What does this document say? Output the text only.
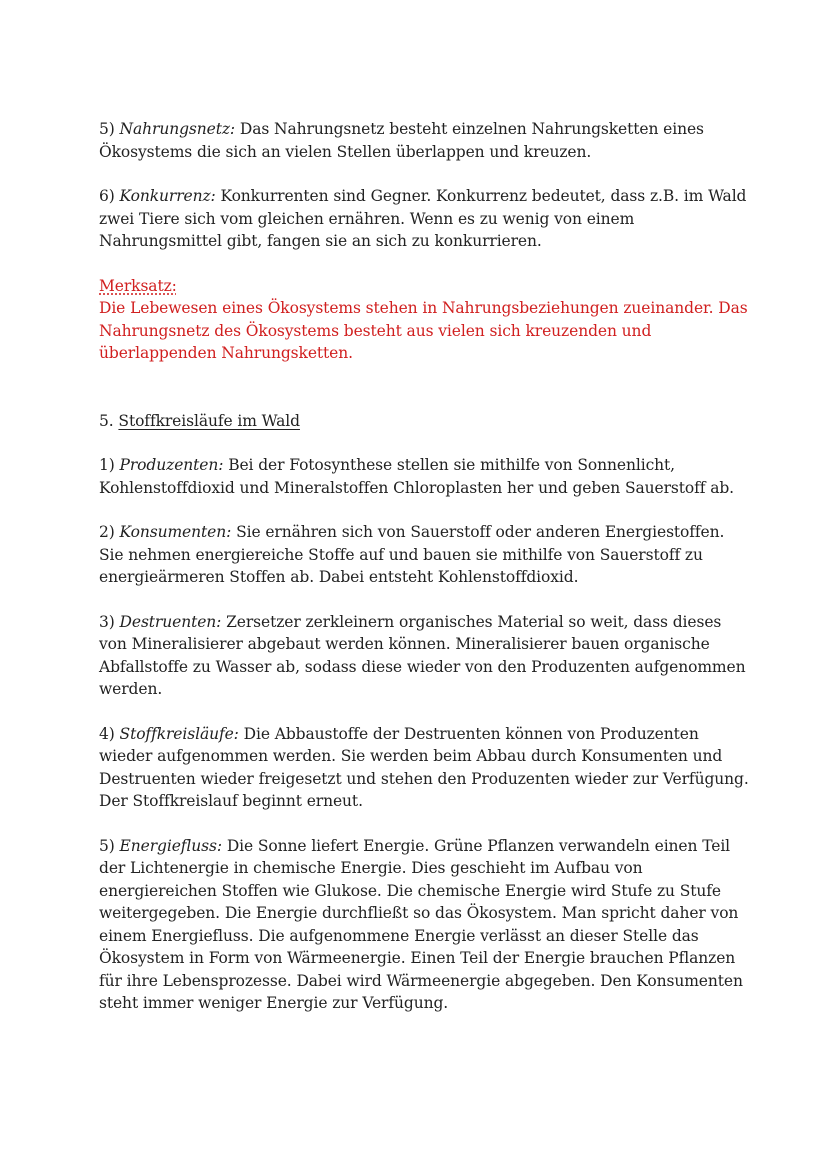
5) Nahrungsnetz: Das Nahrungsnetz besteht einzelnen Nahrungsketten eines Ökosystems die sich an vielen Stellen überlappen und kreuzen.

6) Konkurrenz: Konkurrenten sind Gegner. Konkurrenz bedeutet, dass z.B. im Wald zwei Tiere sich vom gleichen ernähren. Wenn es zu wenig von einem Nahrungsmittel gibt, fangen sie an sich zu konkurrieren.

Merksatz:
Die Lebewesen eines Ökosystems stehen in Nahrungsbeziehungen zueinander. Das Nahrungsnetz des Ökosystems besteht aus vielen sich kreuzenden und überlappenden Nahrungsketten.

5. Stoffkreisläufe im Wald

1) Produzenten: Bei der Fotosynthese stellen sie mithilfe von Sonnenlicht, Kohlenstoffdioxid und Mineralstoffen Chloroplasten her und geben Sauerstoff ab.

2) Konsumenten: Sie ernähren sich von Sauerstoff oder anderen Energiestoffen. Sie nehmen energiereiche Stoffe auf und bauen sie mithilfe von Sauerstoff zu energieärmeren Stoffen ab. Dabei entsteht Kohlenstoffdioxid.

3) Destruenten: Zersetzer zerkleinern organisches Material so weit, dass dieses von Mineralisierer abgebaut werden können. Mineralisierer bauen organische Abfallstoffe zu Wasser ab, sodass diese wieder von den Produzenten aufgenommen werden.

4) Stoffkreisläufe: Die Abbaustoffe der Destruenten können von Produzenten wieder aufgenommen werden. Sie werden beim Abbau durch Konsumenten und Destruenten wieder freigesetzt und stehen den Produzenten wieder zur Verfügung. Der Stoffkreislauf beginnt erneut.

5) Energiefluss: Die Sonne liefert Energie. Grüne Pflanzen verwandeln einen Teil der Lichtenergie in chemische Energie. Dies geschieht im Aufbau von energiereichen Stoffen wie Glukose. Die chemische Energie wird Stufe zu Stufe weitergegeben. Die Energie durchfließt so das Ökosystem. Man spricht daher von einem Energiefluss. Die aufgenommene Energie verlässt an dieser Stelle das Ökosystem in Form von Wärmeenergie. Einen Teil der Energie brauchen Pflanzen für ihre Lebensprozesse. Dabei wird Wärmeenergie abgegeben. Den Konsumenten steht immer weniger Energie zur Verfügung.
